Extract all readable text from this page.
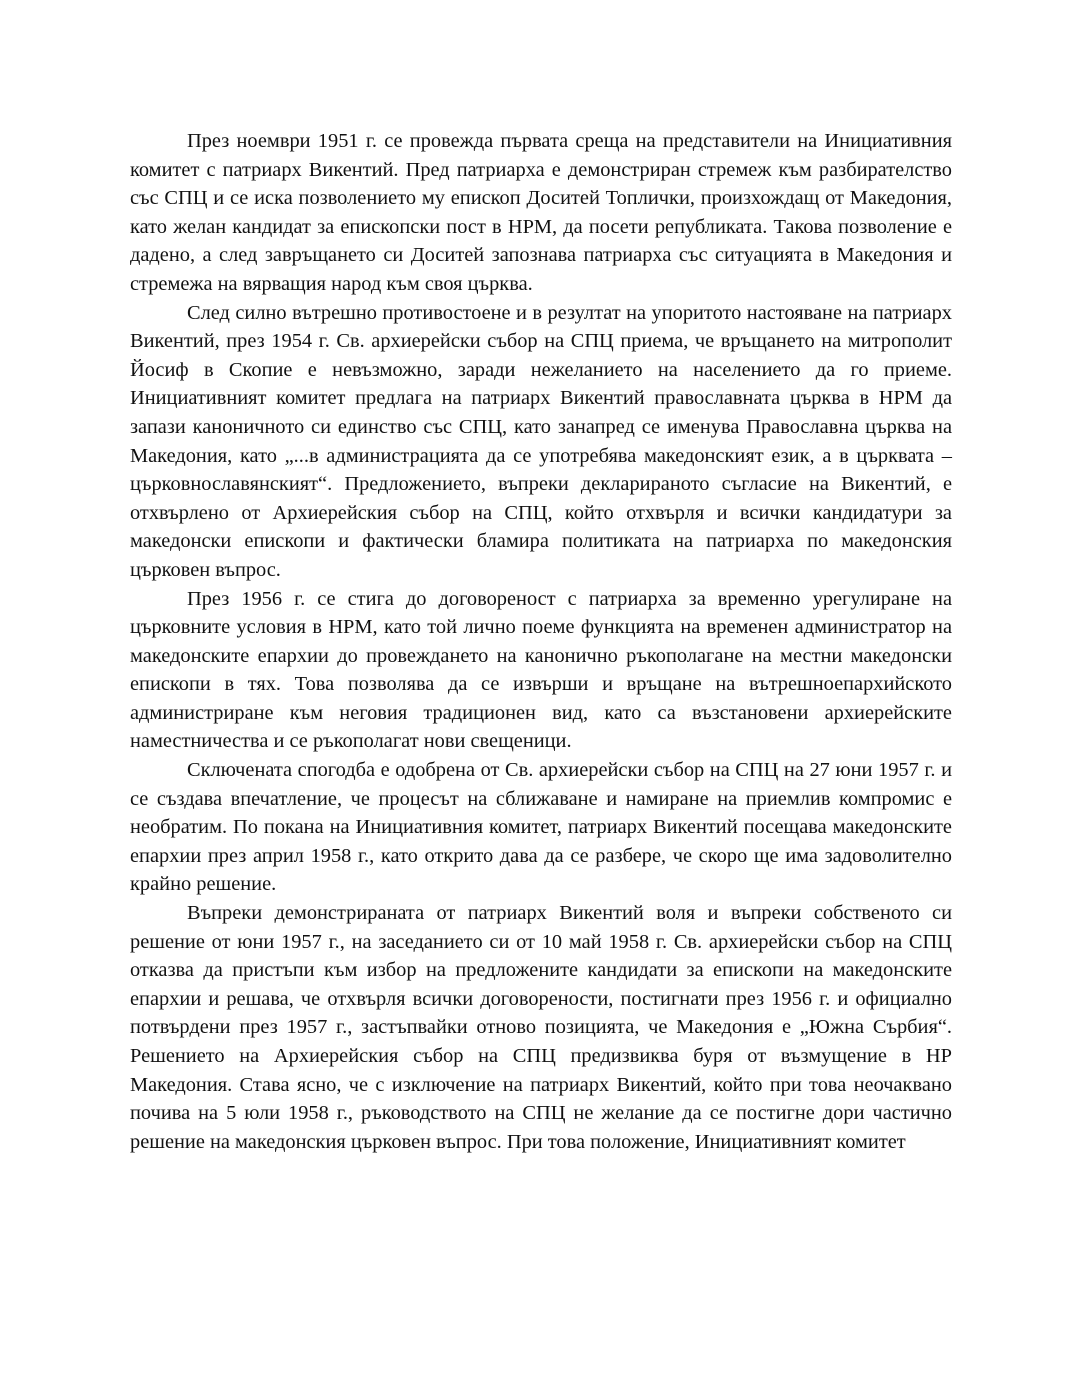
През ноември 1951 г. се провежда първата среща на представители на Инициативния комитет с патриарх Викентий. Пред патриарха е демонстриран стремеж към разбирателство със СПЦ и се иска позволението му епископ Доситей Топлички, произхождащ от Македония, като желан кандидат за епископски пост в НРМ, да посети републиката. Такова позволение е дадено, а след завръщането си Доситей запознава патриарха със ситуацията в Македония и стремежа на вярващия народ към своя църква.

След силно вътрешно противостоене и в резултат на упоритото настояване на патриарх Викентий, през 1954 г. Св. архиерейски събор на СПЦ приема, че връщането на митрополит Йосиф в Скопие е невъзможно, заради нежеланието на населението да го приеме. Инициативният комитет предлага на патриарх Викентий православната църква в НРМ да запази каноничното си единство със СПЦ, като занапред се именува Православна църква на Македония, като „...в администрацията да се употребява македонският език, а в църквата – църковнославянският“. Предложението, въпреки декларираното съгласие на Викентий, е отхвърлено от Архиерейския събор на СПЦ, който отхвърля и всички кандидатури за македонски епископи и фактически бламира политиката на патриарха по македонския църковен въпрос.

През 1956 г. се стига до договореност с патриарха за временно урегулиране на църковните условия в НРМ, като той лично поеме функцията на временен администратор на македонските епархии до провеждането на канонично ръкополагане на местни македонски епископи в тях. Това позволява да се извърши и връщане на вътрешноепархийското администриране към неговия традиционен вид, като са възстановени архиерейските наместничества и се ръкополагат нови свещеници.

Сключената спогодба е одобрена от Св. архиерейски събор на СПЦ на 27 юни 1957 г. и се създава впечатление, че процесът на сближаване и намиране на приемлив компромис е необратим. По покана на Инициативния комитет, патриарх Викентий посещава македонските епархии през април 1958 г., като открито дава да се разбере, че скоро ще има задоволително крайно решение.

Въпреки демонстрираната от патриарх Викентий воля и въпреки собственото си решение от юни 1957 г., на заседанието си от 10 май 1958 г. Св. архиерейски събор на СПЦ отказва да пристъпи към избор на предложените кандидати за епископи на македонските епархии и решава, че отхвърля всички договорености, постигнати през 1956 г. и официално потвърдени през 1957 г., застъпвайки отново позицията, че Македония е „Южна Сърбия“. Решението на Архиерейския събор на СПЦ предизвиква буря от възмущение в НР Македония. Става ясно, че с изключение на патриарх Викентий, който при това неочаквано почива на 5 юли 1958 г., ръководството на СПЦ не желание да се постигне дори частично решение на македонския църковен въпрос. При това положение, Инициативният комитет
